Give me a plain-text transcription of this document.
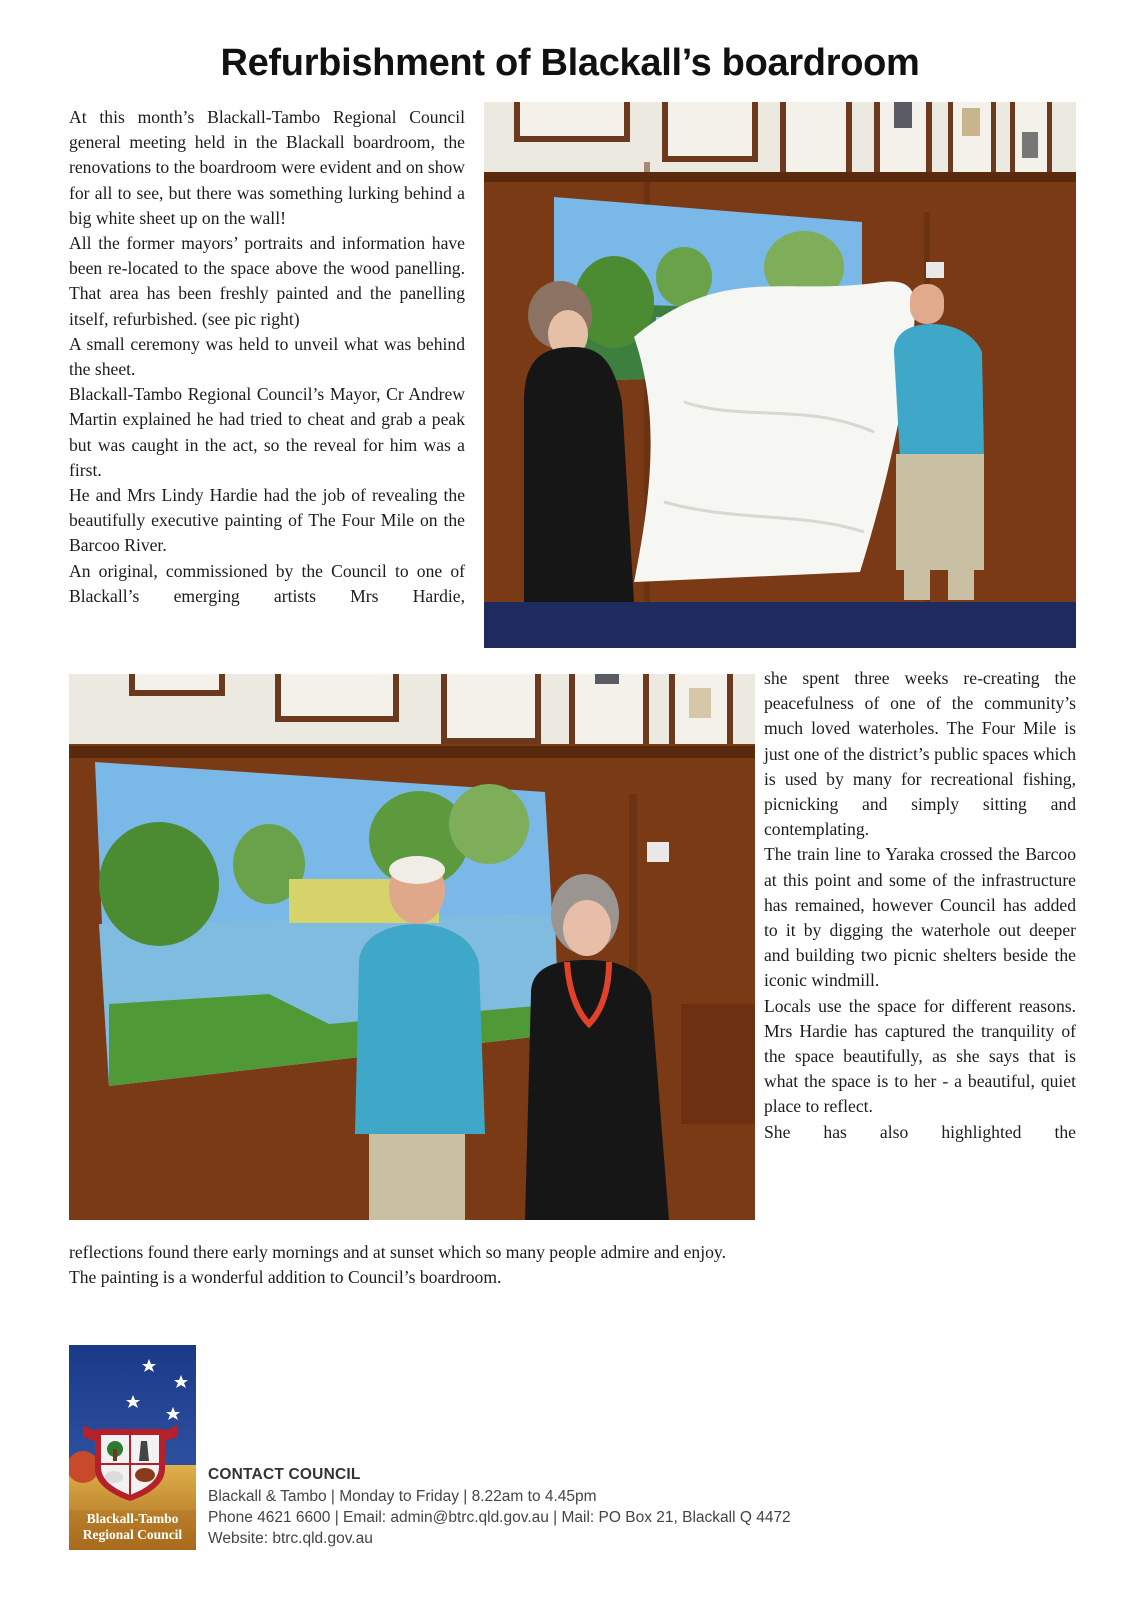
Refurbishment of Blackall’s boardroom

At this month’s Blackall-Tambo Regional Council general meeting held in the Blackall boardroom, the renovations to the boardroom were evident and on show for all to see, but there was something lurking behind a big white sheet up on the wall!

All the former mayors’ portraits and information have been re-located to the space above the wood panelling. That area has been freshly painted and the panelling itself, refurbished. (see pic right)

A small ceremony was held to unveil what was behind the sheet.

Blackall-Tambo Regional Council’s Mayor, Cr Andrew Martin explained he had tried to cheat and grab a peak but was caught in the act, so the reveal for him was a first.

He and Mrs Lindy Hardie had the job of revealing the beautifully executive painting of The Four Mile on the Barcoo River.

An original, commissioned by the Council to one of Blackall’s emerging artists Mrs Hardie,

she spent three weeks re-creating the peacefulness of one of the community’s much loved waterholes. The Four Mile is just one of the district’s public spaces which is used by many for recreational fishing, picnicking and simply sitting and contemplating.

The train line to Yaraka crossed the Barcoo at this point and some of the infrastructure has remained, however Council has added to it by digging the waterhole out deeper and building two picnic shelters beside the iconic windmill.

Locals use the space for different reasons. Mrs Hardie has captured the tranquility of the space beautifully, as she says that is what the space is to her - a beautiful, quiet place to reflect.

She has also highlighted the

reflections found there early mornings and at sunset which so many people admire and enjoy.

The painting is a wonderful addition to Council’s boardroom.

Blackall-Tambo
Regional Council
CONTACT COUNCIL
Blackall & Tambo | Monday to Friday | 8.22am to 4.45pm
Phone 4621 6600 | Email: admin@btrc.qld.gov.au | Mail: PO Box 21, Blackall Q 4472
Website: btrc.qld.gov.au
